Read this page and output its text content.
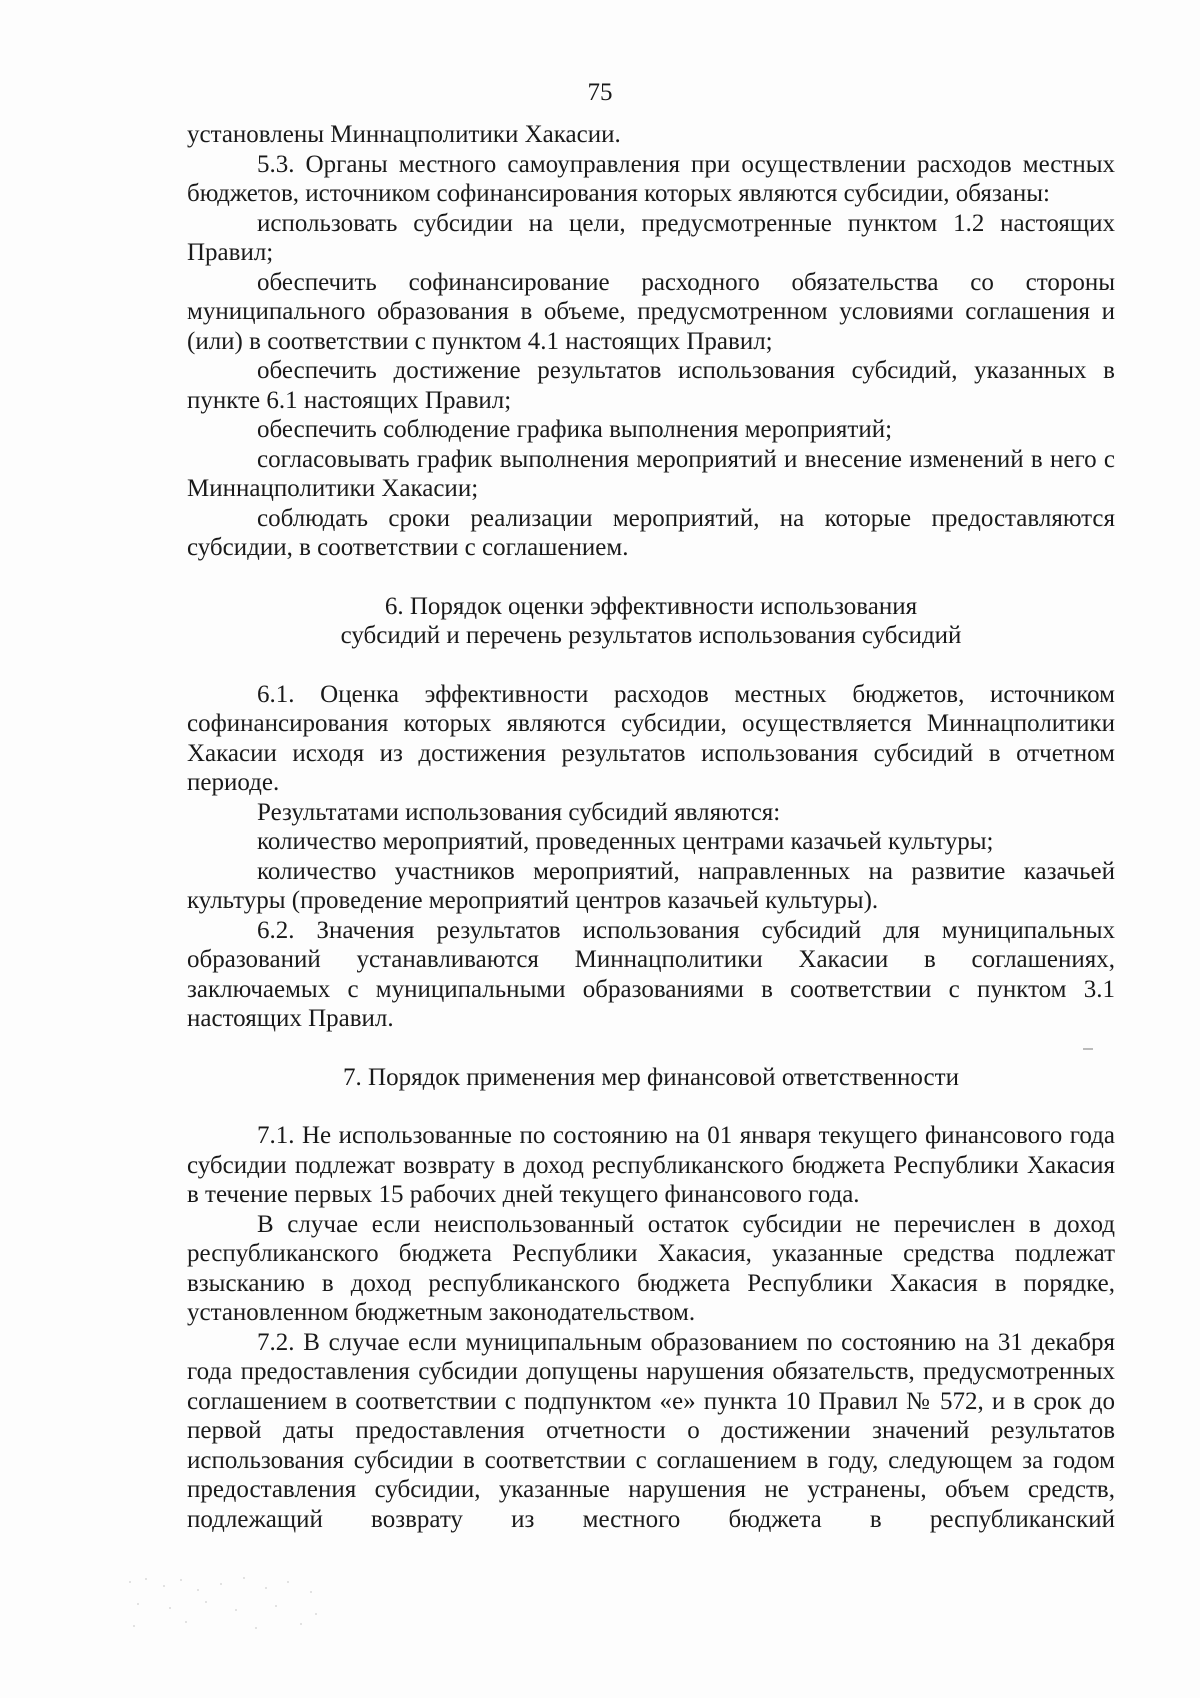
75

установлены Миннацполитики Хакасии.

5.3. Органы местного самоуправления при осуществлении расходов местных бюджетов, источником софинансирования которых являются субсидии, обязаны:

использовать субсидии на цели, предусмотренные пунктом 1.2 настоящих Правил;

обеспечить софинансирование расходного обязательства со стороны муниципального образования в объеме, предусмотренном условиями соглашения и (или) в соответствии с пунктом 4.1 настоящих Правил;

обеспечить достижение результатов использования субсидий, указанных в пункте 6.1 настоящих Правил;

обеспечить соблюдение графика выполнения мероприятий;

согласовывать график выполнения мероприятий и внесение изменений в него с Миннацполитики Хакасии;

соблюдать сроки реализации мероприятий, на которые предоставляются субсидии, в соответствии с соглашением.

6. Порядок оценки эффективности использования
субсидий и перечень результатов использования субсидий

6.1. Оценка эффективности расходов местных бюджетов, источником софинансирования которых являются субсидии, осуществляется Миннацполитики Хакасии исходя из достижения результатов использования субсидий в отчетном периоде.

Результатами использования субсидий являются:

количество мероприятий, проведенных центрами казачьей культуры;

количество участников мероприятий, направленных на развитие казачьей культуры (проведение мероприятий центров казачьей культуры).

6.2. Значения результатов использования субсидий для муниципальных образований устанавливаются Миннацполитики Хакасии в соглашениях, заключаемых с муниципальными образованиями в соответствии с пунктом 3.1 настоящих Правил.

7. Порядок применения мер финансовой ответственности

7.1. Не использованные по состоянию на 01 января текущего финансового года субсидии подлежат возврату в доход республиканского бюджета Республики Хакасия в течение первых 15 рабочих дней текущего финансового года.

В случае если неиспользованный остаток субсидии не перечислен в доход республиканского бюджета Республики Хакасия, указанные средства подлежат взысканию в доход республиканского бюджета Республики Хакасия в порядке, установленном бюджетным законодательством.

7.2. В случае если муниципальным образованием по состоянию на 31 декабря года предоставления субсидии допущены нарушения обязательств, предусмотренных соглашением в соответствии с подпунктом «е» пункта 10 Правил № 572, и в срок до первой даты предоставления отчетности о достижении значений результатов использования субсидии в соответствии с соглашением в году, следующем за годом предоставления субсидии, указанные нарушения не устранены, объем средств, подлежащий возврату из местного бюджета в республиканский
